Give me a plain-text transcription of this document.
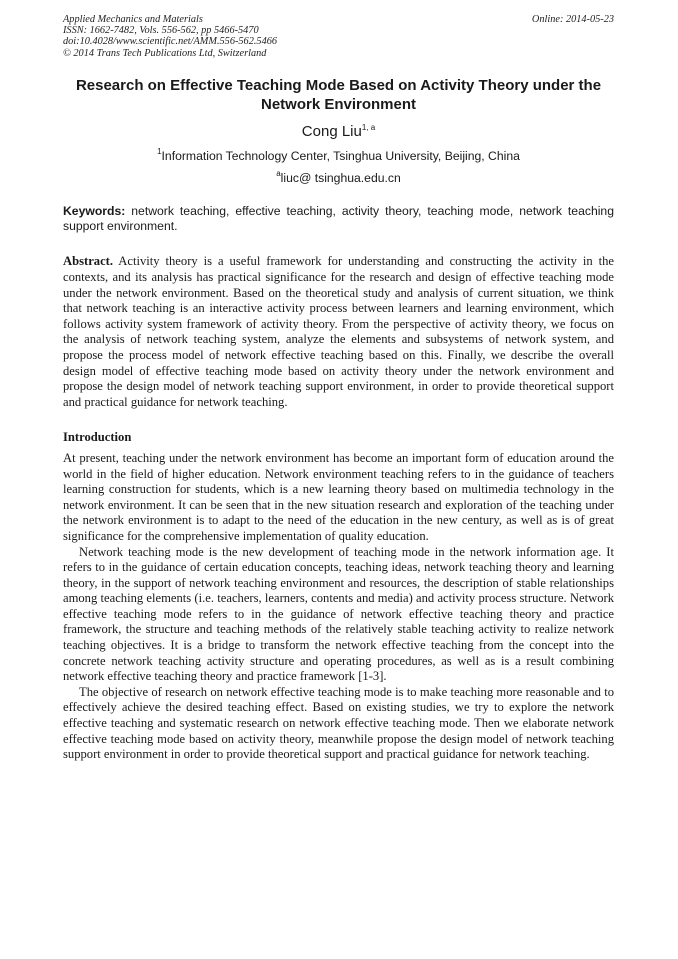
Applied Mechanics and Materials
ISSN: 1662-7482, Vols. 556-562, pp 5466-5470
doi:10.4028/www.scientific.net/AMM.556-562.5466
© 2014 Trans Tech Publications Ltd, Switzerland
Online: 2014-05-23
Research on Effective Teaching Mode Based on Activity Theory under the Network Environment
Cong Liu$^{1, a}$
$^1$Information Technology Center, Tsinghua University, Beijing, China
$^a$liuc@ tsinghua.edu.cn
Keywords: network teaching, effective teaching, activity theory, teaching mode, network teaching support environment.
Abstract. Activity theory is a useful framework for understanding and constructing the activity in the contexts, and its analysis has practical significance for the research and design of effective teaching mode under the network environment. Based on the theoretical study and analysis of current situation, we think that network teaching is an interactive activity process between learners and learning environment, which follows activity system framework of activity theory. From the perspective of activity theory, we focus on the analysis of network teaching system, analyze the elements and subsystems of network system, and propose the process model of network effective teaching based on this. Finally, we describe the overall design model of effective teaching mode based on activity theory under the network environment and propose the design model of network teaching support environment, in order to provide theoretical support and practical guidance for network teaching.
Introduction

At present, teaching under the network environment has become an important form of education around the world in the field of higher education. Network environment teaching refers to in the guidance of teachers learning construction for students, which is a new learning theory based on multimedia technology in the network environment. It can be seen that in the new situation research and exploration of the teaching under the network environment is to adapt to the need of the education in the new century, as well as is of great significance for the comprehensive implementation of quality education.

Network teaching mode is the new development of teaching mode in the network information age. It refers to in the guidance of certain education concepts, teaching ideas, network teaching theory and learning theory, in the support of network teaching environment and resources, the description of stable relationships among teaching elements (i.e. teachers, learners, contents and media) and activity process structure. Network effective teaching mode refers to in the guidance of network effective teaching theory and practice framework, the structure and teaching methods of the relatively stable teaching activity to realize network teaching objectives. It is a bridge to transform the network effective teaching from the concept into the concrete network teaching activity structure and operating procedures, as well as is a result combining network effective teaching theory and practice framework [1-3].

The objective of research on network effective teaching mode is to make teaching more reasonable and to effectively achieve the desired teaching effect. Based on existing studies, we try to explore the network effective teaching and systematic research on network effective teaching mode. Then we elaborate network effective teaching mode based on activity theory, meanwhile propose the design model of network teaching support environment in order to provide theoretical support and practical guidance for network teaching.
